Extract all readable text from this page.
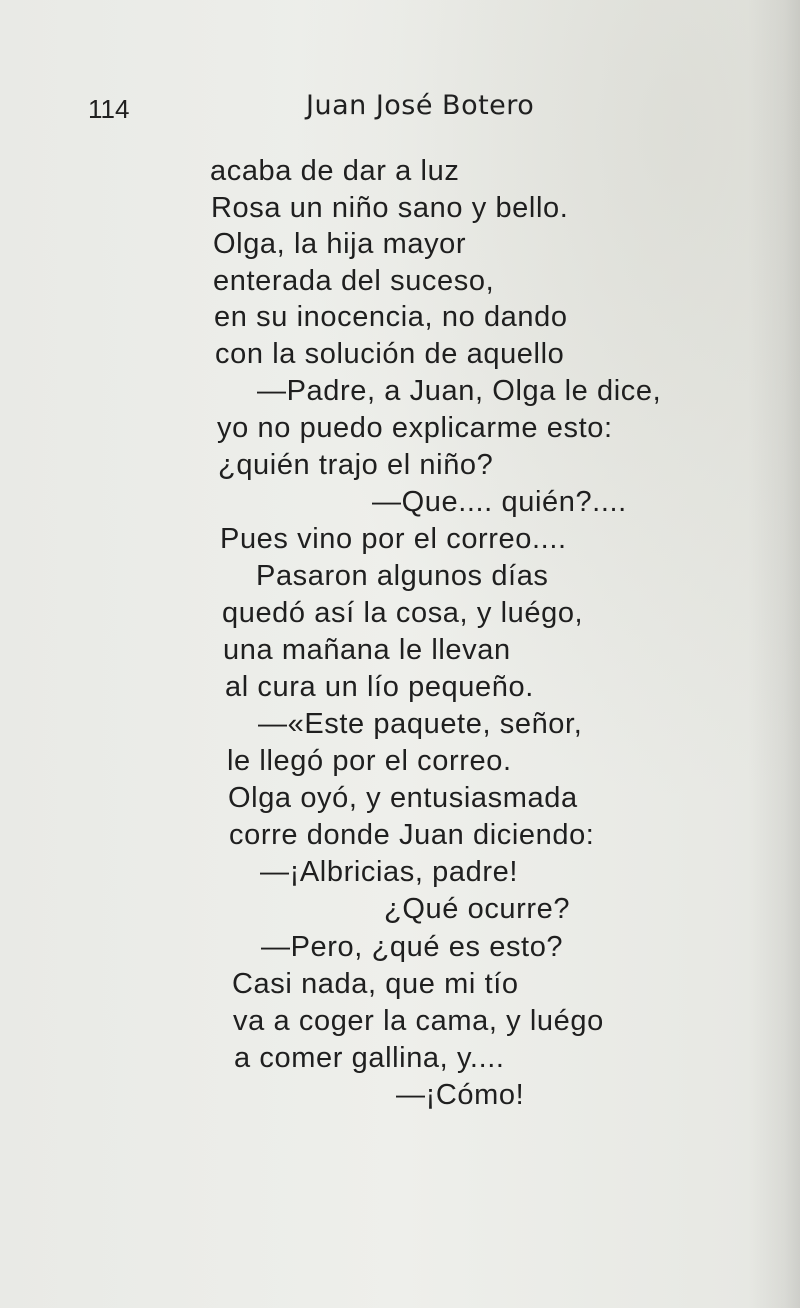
114	Juan José Botero
acaba de dar a luz
Rosa un niño sano y bello.
Olga, la hija mayor
enterada del suceso,
en su inocencia, no dando
con la solución de aquello
—Padre, a Juan, Olga le dice,
yo no puedo explicarme esto:
¿quién trajo el niño?
—Que.... quién?....
Pues vino por el correo....
Pasaron algunos días
quedó así la cosa, y luégo,
una mañana le llevan
al cura un lío pequeño.
—«Este paquete, señor,
le llegó por el correo.
Olga oyó, y entusiasmada
corre donde Juan diciendo:
—¡Albricias, padre!
¿Qué ocurre?
—Pero, ¿qué es esto?
Casi nada, que mi tío
va a coger la cama, y luégo
a comer gallina, y....
—¡Cómo!
